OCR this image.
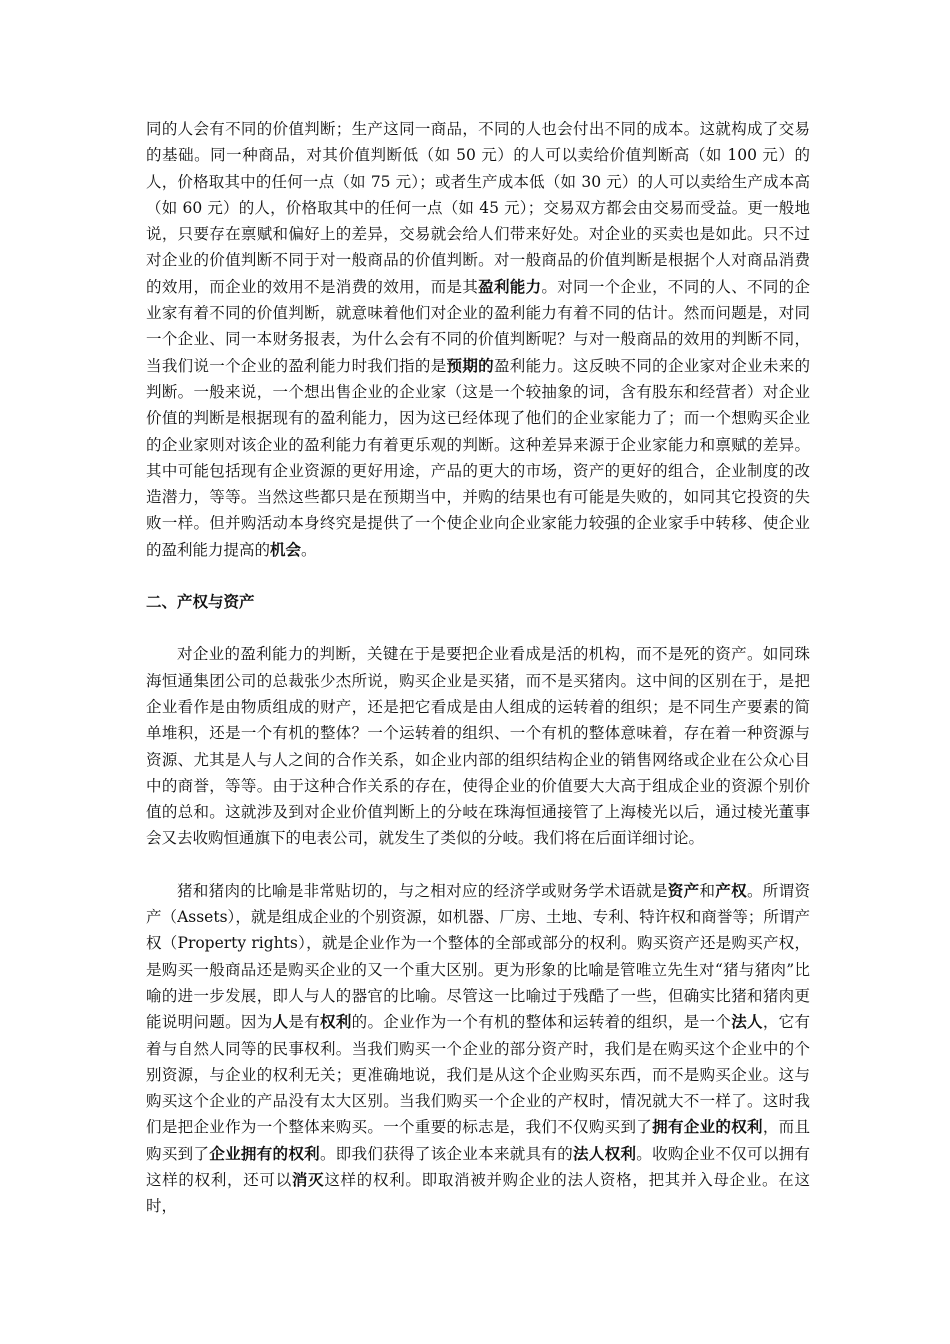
同的人会有不同的价值判断；生产这同一商品，不同的人也会付出不同的成本。这就构成了交易的基础。同一种商品，对其价值判断低（如 50 元）的人可以卖给价值判断高（如 100 元）的人，价格取其中的任何一点（如 75 元）；或者生产成本低（如 30 元）的人可以卖给生产成本高（如 60 元）的人，价格取其中的任何一点（如 45 元）；交易双方都会由交易而受益。更一般地说，只要存在禀赋和偏好上的差异，交易就会给人们带来好处。对企业的买卖也是如此。只不过对企业的价值判断不同于对一般商品的价值判断。对一般商品的价值判断是根据个人对商品消费的效用，而企业的效用不是消费的效用，而是其盈利能力。对同一个企业，不同的人、不同的企业家有着不同的价值判断，就意味着他们对企业的盈利能力有着不同的估计。然而问题是，对同一个企业、同一本财务报表，为什么会有不同的价值判断呢？与对一般商品的效用的判断不同，当我们说一个企业的盈利能力时我们指的是预期的盈利能力。这反映不同的企业家对企业未来的判断。一般来说，一个想出售企业的企业家（这是一个较抽象的词，含有股东和经营者）对企业价值的判断是根据现有的盈利能力，因为这已经体现了他们的企业家能力了；而一个想购买企业的企业家则对该企业的盈利能力有着更乐观的判断。这种差异来源于企业家能力和禀赋的差异。其中可能包括现有企业资源的更好用途，产品的更大的市场，资产的更好的组合，企业制度的改造潜力，等等。当然这些都只是在预期当中，并购的结果也有可能是失败的，如同其它投资的失败一样。但并购活动本身终究是提供了一个使企业向企业家能力较强的企业家手中转移、使企业的盈利能力提高的机会。

二、产权与资产

对企业的盈利能力的判断，关键在于是要把企业看成是活的机构，而不是死的资产。如同珠海恒通集团公司的总裁张少杰所说，购买企业是买猪，而不是买猪肉。这中间的区别在于，是把企业看作是由物质组成的财产，还是把它看成是由人组成的运转着的组织；是不同生产要素的简单堆积，还是一个有机的整体？一个运转着的组织、一个有机的整体意味着，存在着一种资源与资源、尤其是人与人之间的合作关系，如企业内部的组织结构企业的销售网络或企业在公众心目中的商誉，等等。由于这种合作关系的存在，使得企业的价值要大大高于组成企业的资源个别价值的总和。这就涉及到对企业价值判断上的分岐在珠海恒通接管了上海棱光以后，通过棱光董事会又去收购恒通旗下的电表公司，就发生了类似的分岐。我们将在后面详细讨论。

猪和猪肉的比喻是非常贴切的，与之相对应的经济学或财务学术语就是资产和产权。所谓资产（Assets），就是组成企业的个别资源，如机器、厂房、土地、专利、特许权和商誉等；所谓产权（Property rights），就是企业作为一个整体的全部或部分的权利。购买资产还是购买产权，是购买一般商品还是购买企业的又一个重大区别。更为形象的比喻是管唯立先生对“猪与猪肉”比喻的进一步发展，即人与人的器官的比喻。尽管这一比喻过于残酷了一些，但确实比猪和猪肉更能说明问题。因为人是有权利的。企业作为一个有机的整体和运转着的组织，是一个法人，它有着与自然人同等的民事权利。当我们购买一个企业的部分资产时，我们是在购买这个企业中的个别资源，与企业的权利无关；更准确地说，我们是从这个企业购买东西，而不是购买企业。这与购买这个企业的产品没有太大区别。当我们购买一个企业的产权时，情况就大不一样了。这时我们是把企业作为一个整体来购买。一个重要的标志是，我们不仅购买到了拥有企业的权利，而且购买到了企业拥有的权利。即我们获得了该企业本来就具有的法人权利。收购企业不仅可以拥有这样的权利，还可以消灭这样的权利。即取消被并购企业的法人资格，把其并入母企业。在这时，
